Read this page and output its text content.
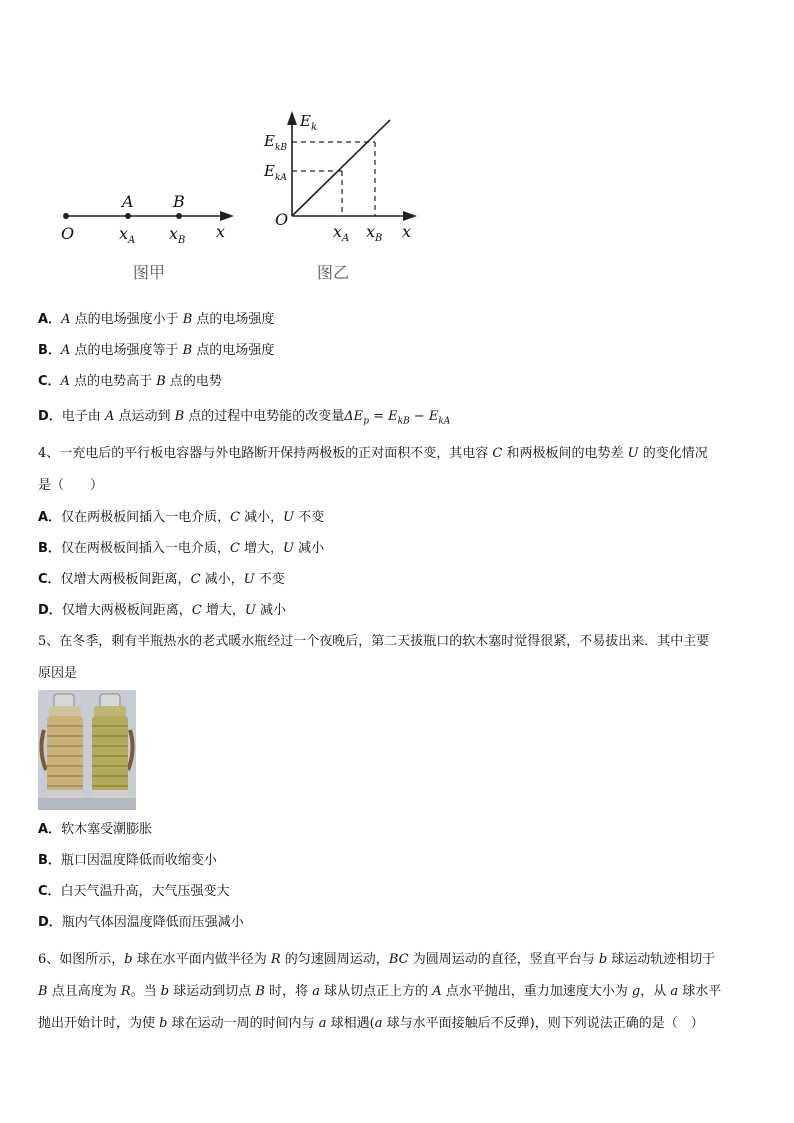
A B
O	$x_A$ $x_B$ x
图甲
$E_k$
$E_{kB}$
$E_{kA}$
O
$x_A$ $x_B$ x
图乙
A．A 点的电场强度小于 B 点的电场强度
B．A 点的电场强度等于 B 点的电场强度
C．A 点的电势高于 B 点的电势
D．电子由 A 点运动到 B 点的过程中电势能的改变量$\Delta E_p = E_{kB} - E_{kA}$
4、一充电后的平行板电容器与外电路断开保持两极板的正对面积不变，其电容 C 和两极板间的电势差 U 的变化情况
是（　　）
A．仅在两极板间插入一电介质，C 减小，U 不变
B．仅在两极板间插入一电介质，C 增大，U 减小
C．仅增大两极板间距离，C 减小，U 不变
D．仅增大两极板间距离，C 增大，U 减小
5、在冬季，剩有半瓶热水的老式暖水瓶经过一个夜晚后，第二天拔瓶口的软木塞时觉得很紧，不易拔出来．其中主要
原因是
A．软木塞受潮膨胀
B．瓶口因温度降低而收缩变小
C．白天气温升高，大气压强变大
D．瓶内气体因温度降低而压强减小
6、如图所示，b 球在水平面内做半径为 R 的匀速圆周运动，BC 为圆周运动的直径，竖直平台与 b 球运动轨迹相切于
B 点且高度为 R。当 b 球运动到切点 B 时，将 a 球从切点正上方的 A 点水平抛出，重力加速度大小为 g，从 a 球水平
抛出开始计时，为使 b 球在运动一周的时间内与 a 球相遇(a 球与水平面接触后不反弹)，则下列说法正确的是（　）
